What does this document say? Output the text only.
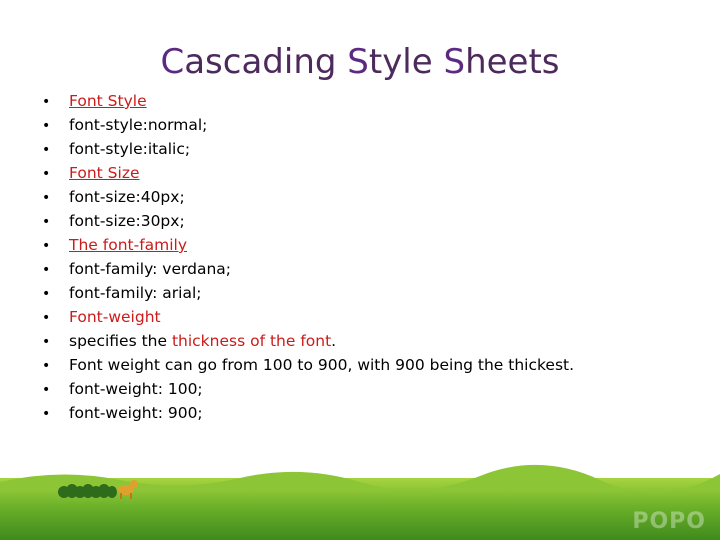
Cascading Style Sheets
•	Font Style
•	font-style:normal;
•	font-style:italic;
•	Font Size
•	font-size:40px;
•	font-size:30px;
•	The font-family
•	font-family: verdana;
•	font-family: arial;
•	Font-weight
•	specifies the thickness of the font.
•	Font weight can go from 100 to 900, with 900 being the thickest.
•	font-weight: 100;
•	font-weight: 900;
POPO
